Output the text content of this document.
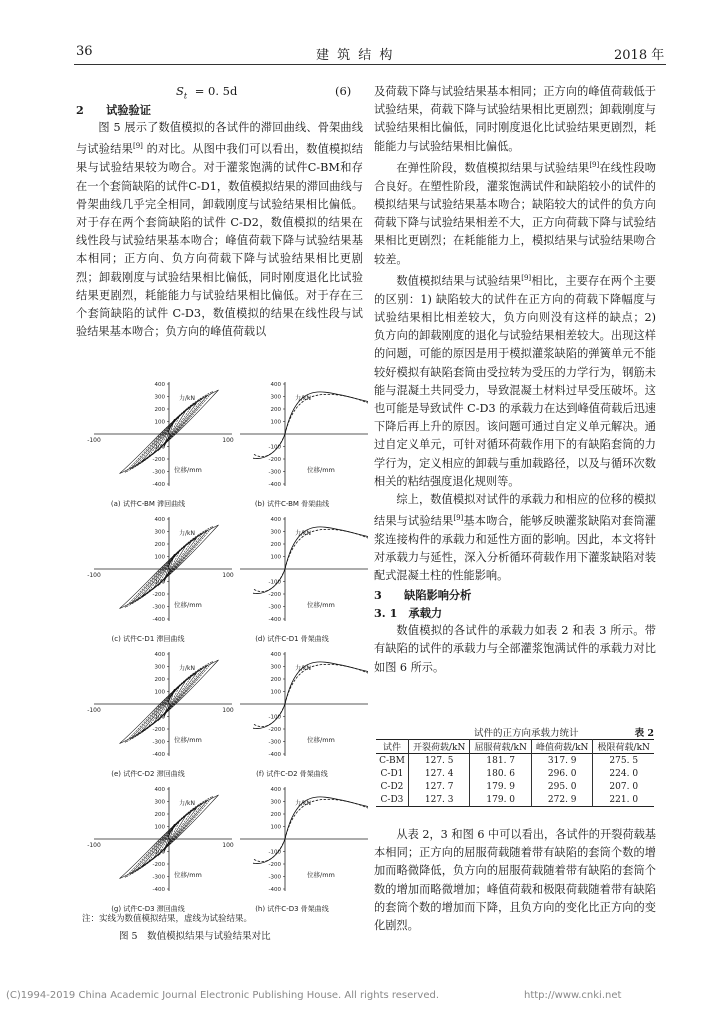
36	建 筑 结 构	2018 年
$S_t = 0$. 5d	(6)

2　　试验验证

图 5 展示了数值模拟的各试件的滞回曲线、骨架曲线与试验结果[9] 的对比。从图中我们可以看出，数值模拟结果与试验结果较为吻合。对于灌浆饱满的试件C-BM和存在一个套筒缺陷的试件C-D1，数值模拟结果的滞回曲线与骨架曲线几乎完全相同，卸载刚度与试验结果相比偏低。对于存在两个套筒缺陷的试件 C-D2，数值模拟的结果在线性段与试验结果基本吻合；峰值荷载下降与试验结果基本相同；正方向、负方向荷载下降与试验结果相比更剧烈；卸载刚度与试验结果相比偏低，同时刚度退化比试验结果更剧烈，耗能能力与试验结果相比偏低。对于存在三个套筒缺陷的试件 C-D3，数值模拟的结果在线性段与试验结果基本吻合；负方向的峰值荷载以

400
300
200
100
-100
-200
-300
-400
-100	100
力/kN
位移/mm
(a) 试件C-BM 滞回曲线
400
300
200
100
-100
-200
-300
-400
力/kN
位移/mm
(b) 试件C-BM 骨架曲线
400
300
200
100
-100
-200
-300
-400
-100	100
力/kN
位移/mm
(c) 试件C-D1 滞回曲线
400
300
200
100
-100
-200
-300
-400
力/kN
位移/mm
(d) 试件C-D1 骨架曲线
400
300
200
100
-100
-200
-300
-400
-100	100
力/kN
位移/mm
(e) 试件C-D2 滞回曲线
400
300
200
100
-100
-200
-300
-400
力/kN
位移/mm
(f) 试件C-D2 骨架曲线
400
300
200
100
-100
-200
-300
-400
-100	100
力/kN
位移/mm
(g) 试件C-D3 滞回曲线
400
300
200
100
-100
-200
-300
-400
力/kN
位移/mm
(h) 试件C-D3 骨架曲线
注：实线为数值模拟结果，虚线为试验结果。
图 5　数值模拟结果与试验结果对比

及荷载下降与试验结果基本相同；正方向的峰值荷载低于试验结果，荷载下降与试验结果相比更剧烈；卸载刚度与试验结果相比偏低，同时刚度退化比试验结果更剧烈，耗能能力与试验结果相比偏低。

在弹性阶段，数值模拟结果与试验结果[9]在线性段吻合良好。在塑性阶段，灌浆饱满试件和缺陷较小的试件的模拟结果与试验结果基本吻合；缺陷较大的试件的负方向荷载下降与试验结果相差不大，正方向荷载下降与试验结果相比更剧烈；在耗能能力上，模拟结果与试验结果吻合较差。

数值模拟结果与试验结果[9]相比，主要存在两个主要的区别：1) 缺陷较大的试件在正方向的荷载下降幅度与试验结果相比相差较大，负方向则没有这样的缺点；2) 负方向的卸载刚度的退化与试验结果相差较大。出现这样的问题，可能的原因是用于模拟灌浆缺陷的弹簧单元不能较好模拟有缺陷套筒由受拉转为受压的力学行为，钢筋未能与混凝土共同受力，导致混凝土材料过早受压破坏。这也可能是导致试件 C-D3 的承载力在达到峰值荷载后迅速下降后再上升的原因。该问题可通过自定义单元解决。通过自定义单元，可针对循环荷载作用下的有缺陷套筒的力学行为，定义相应的卸载与重加载路径，以及与循环次数相关的粘结强度退化规则等。

综上，数值模拟对试件的承载力和相应的位移的模拟结果与试验结果[9]基本吻合，能够反映灌浆缺陷对套筒灌浆连接构件的承载力和延性方面的影响。因此，本文将针对承载力与延性，深入分析循环荷载作用下灌浆缺陷对装配式混凝土柱的性能影响。

3　　缺陷影响分析

3. 1　承载力

数值模拟的各试件的承载力如表 2 和表 3 所示。带有缺陷的试件的承载力与全部灌浆饱满试件的承载力对比如图 6 所示。

试件的正方向承载力统计	表 2
试件	开裂荷载/kN	屈服荷载/kN	峰值荷载/kN	极限荷载/kN
C-BM	127. 5	181. 7	317. 9	275. 5
C-D1	127. 4	180. 6	296. 0	224. 0
C-D2	127. 7	179. 9	295. 0	207. 0
C-D3	127. 3	179. 0	272. 9	221. 0

从表 2，3 和图 6 中可以看出，各试件的开裂荷载基本相同；正方向的屈服荷载随着带有缺陷的套筒个数的增加而略微降低，负方向的屈服荷载随着带有缺陷的套筒个数的增加而略微增加；峰值荷载和极限荷载随着带有缺陷的套筒个数的增加而下降，且负方向的变化比正方向的变化剧烈。

(C)1994-2019 China Academic Journal Electronic Publishing House. All rights reserved.	http://www.cnki.net
